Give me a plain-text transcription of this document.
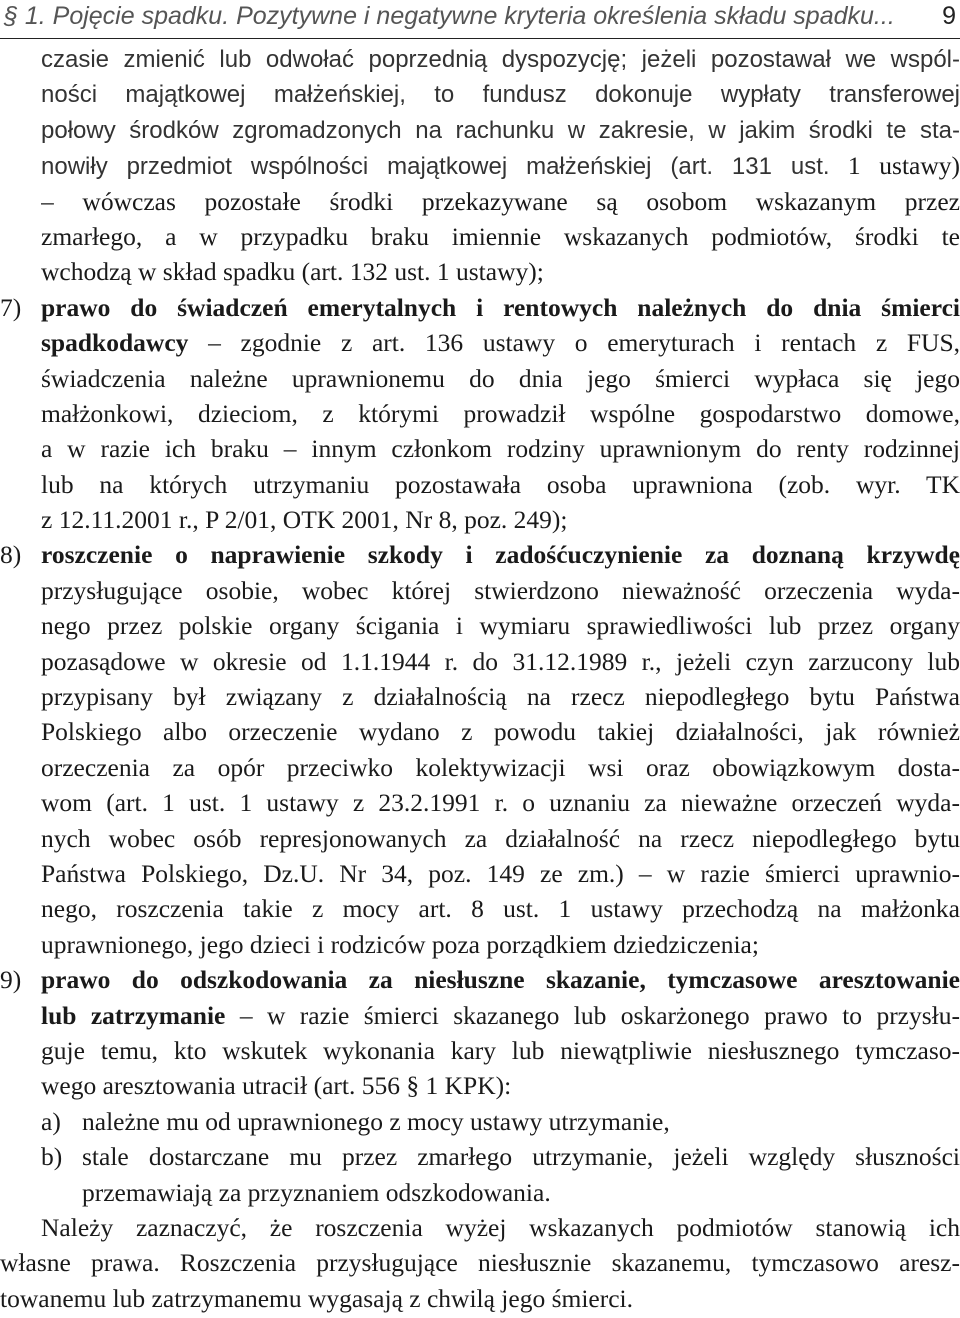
§ 1. Pojęcie spadku. Pozytywne i negatywne kryteria określenia składu spadku... 9
czasie zmienić lub odwołać poprzednią dyspozycję; jeżeli pozostawał we wspól-
ności majątkowej małżeńskiej, to fundusz dokonuje wypłaty transferowej
połowy środków zgromadzonych na rachunku w zakresie, w jakim środki te sta-
nowiły przedmiot wspólności majątkowej małżeńskiej (art. 131 ust. 1 ustawy)
– wówczas pozostałe środki przekazywane są osobom wskazanym przez
zmarłego, a w przypadku braku imiennie wskazanych podmiotów, środki te
wchodzą w skład spadku (art. 132 ust. 1 ustawy);
7) prawo do świadczeń emerytalnych i rentowych należnych do dnia śmierci
spadkodawcy – zgodnie z art. 136 ustawy o emeryturach i rentach z FUS,
świadczenia należne uprawnionemu do dnia jego śmierci wypłaca się jego
małżonkowi, dzieciom, z którymi prowadził wspólne gospodarstwo domowe,
a w razie ich braku – innym członkom rodziny uprawnionym do renty rodzinnej
lub na których utrzymaniu pozostawała osoba uprawniona (zob. wyr. TK
z 12.11.2001 r., P 2/01, OTK 2001, Nr 8, poz. 249);
8) roszczenie o naprawienie szkody i zadośćuczynienie za doznaną krzywdę
przysługujące osobie, wobec której stwierdzono nieważność orzeczenia wyda-
nego przez polskie organy ścigania i wymiaru sprawiedliwości lub przez organy
pozasądowe w okresie od 1.1.1944 r. do 31.12.1989 r., jeżeli czyn zarzucony lub
przypisany był związany z działalnością na rzecz niepodległego bytu Państwa
Polskiego albo orzeczenie wydano z powodu takiej działalności, jak również
orzeczenia za opór przeciwko kolektywizacji wsi oraz obowiązkowym dosta-
wom (art. 1 ust. 1 ustawy z 23.2.1991 r. o uznaniu za nieważne orzeczeń wyda-
nych wobec osób represjonowanych za działalność na rzecz niepodległego bytu
Państwa Polskiego, Dz.U. Nr 34, poz. 149 ze zm.) – w razie śmierci uprawnio-
nego, roszczenia takie z mocy art. 8 ust. 1 ustawy przechodzą na małżonka
uprawnionego, jego dzieci i rodziców poza porządkiem dziedziczenia;
9) prawo do odszkodowania za niesłuszne skazanie, tymczasowe aresztowanie
lub zatrzymanie – w razie śmierci skazanego lub oskarżonego prawo to przysłu-
guje temu, kto wskutek wykonania kary lub niewątpliwie niesłusznego tymczaso-
wego aresztowania utracił (art. 556 § 1 KPK):
a) należne mu od uprawnionego z mocy ustawy utrzymanie,
b) stale dostarczane mu przez zmarłego utrzymanie, jeżeli względy słuszności
przemawiają za przyznaniem odszkodowania.
Należy zaznaczyć, że roszczenia wyżej wskazanych podmiotów stanowią ich
własne prawa. Roszczenia przysługujące niesłusznie skazanemu, tymczasowo aresz-
towanemu lub zatrzymanemu wygasają z chwilą jego śmierci.
